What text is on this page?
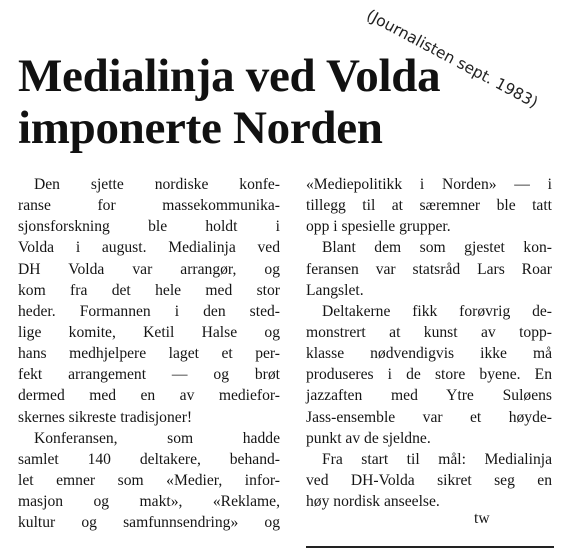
(Journalisten sept. 1983)
Medialinja ved Volda
imponerte Norden
Den sjette nordiske konfe-
ranse for massekommunika-
sjonsforskning ble holdt i
Volda i august. Medialinja ved
DH Volda var arrangør, og
kom fra det hele med stor
heder. Formannen i den sted-
lige komite, Ketil Halse og
hans medhjelpere laget et per-
fekt arrangement — og brøt
dermed med en av mediefor-
skernes sikreste tradisjoner!
Konferansen, som hadde
samlet 140 deltakere, behand-
let emner som «Medier, infor-
masjon og makt», «Reklame,
kultur og samfunnsendring» og
«Mediepolitikk i Norden» — i
tillegg til at særemner ble tatt
opp i spesielle grupper.
Blant dem som gjestet kon-
feransen var statsråd Lars Roar
Langslet.
Deltakerne fikk forøvrig de-
monstrert at kunst av topp-
klasse nødvendigvis ikke må
produseres i de store byene. En
jazzaften med Ytre Suløens
Jass-ensemble var et høyde-
punkt av de sjeldne.
Fra start til mål: Medialinja
ved DH-Volda sikret seg en
høy nordisk anseelse.
tw
